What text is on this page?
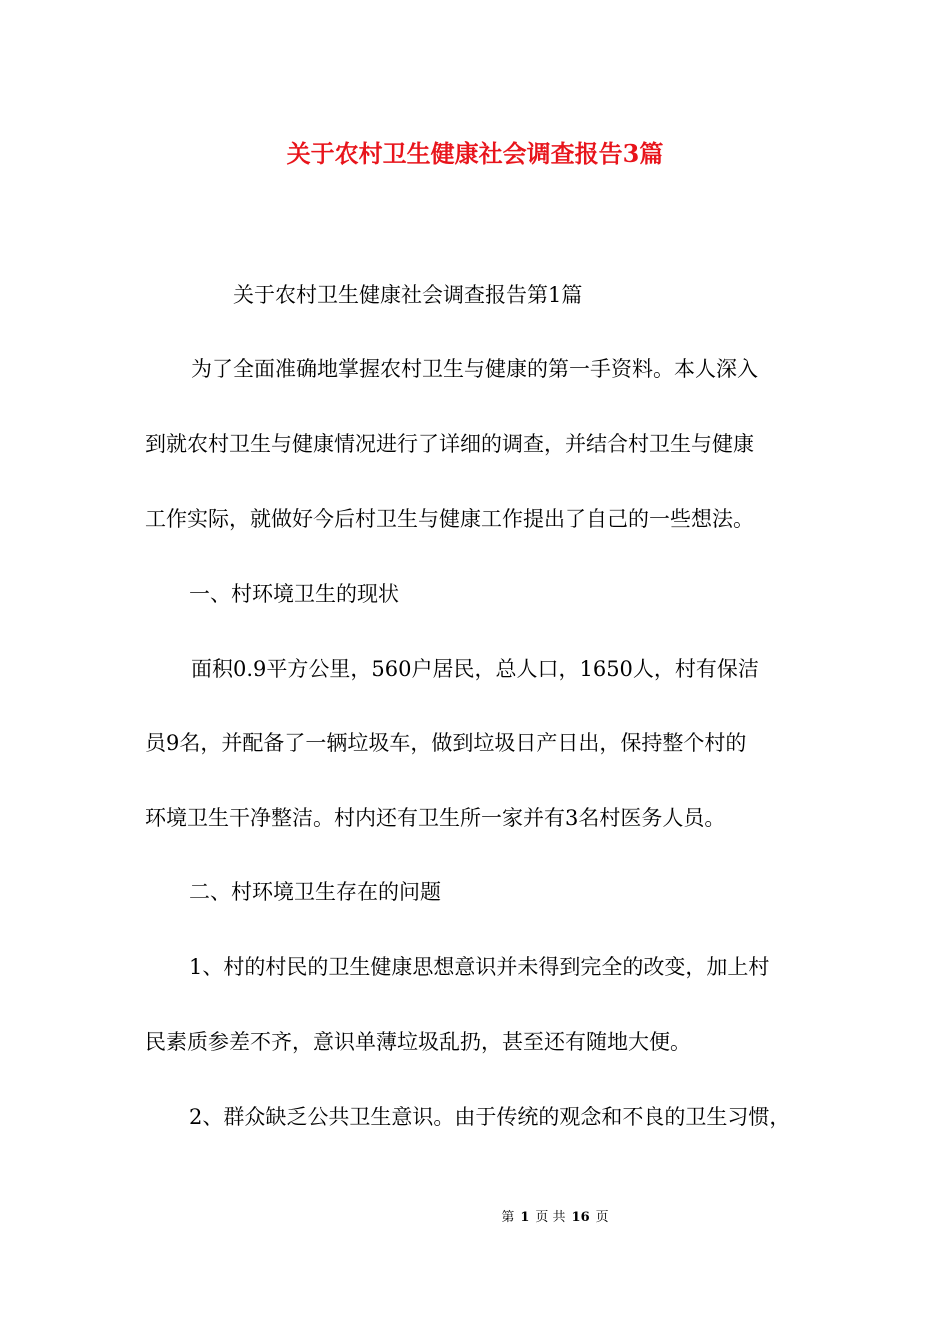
关于农村卫生健康社会调查报告3篇
关于农村卫生健康社会调查报告第1篇
为了全面准确地掌握农村卫生与健康的第一手资料。本人深入
到就农村卫生与健康情况进行了详细的调查，并结合村卫生与健康
工作实际，就做好今后村卫生与健康工作提出了自己的一些想法。
一、村环境卫生的现状
面积0.9平方公里，560户居民，总人口，1650人，村有保洁
员9名，并配备了一辆垃圾车，做到垃圾日产日出，保持整个村的
环境卫生干净整洁。村内还有卫生所一家并有3名村医务人员。
二、村环境卫生存在的问题
1、村的村民的卫生健康思想意识并未得到完全的改变，加上村
民素质参差不齐，意识单薄垃圾乱扔，甚至还有随地大便。
2、群众缺乏公共卫生意识。由于传统的观念和不良的卫生习惯，
第 1 页 共 16 页
